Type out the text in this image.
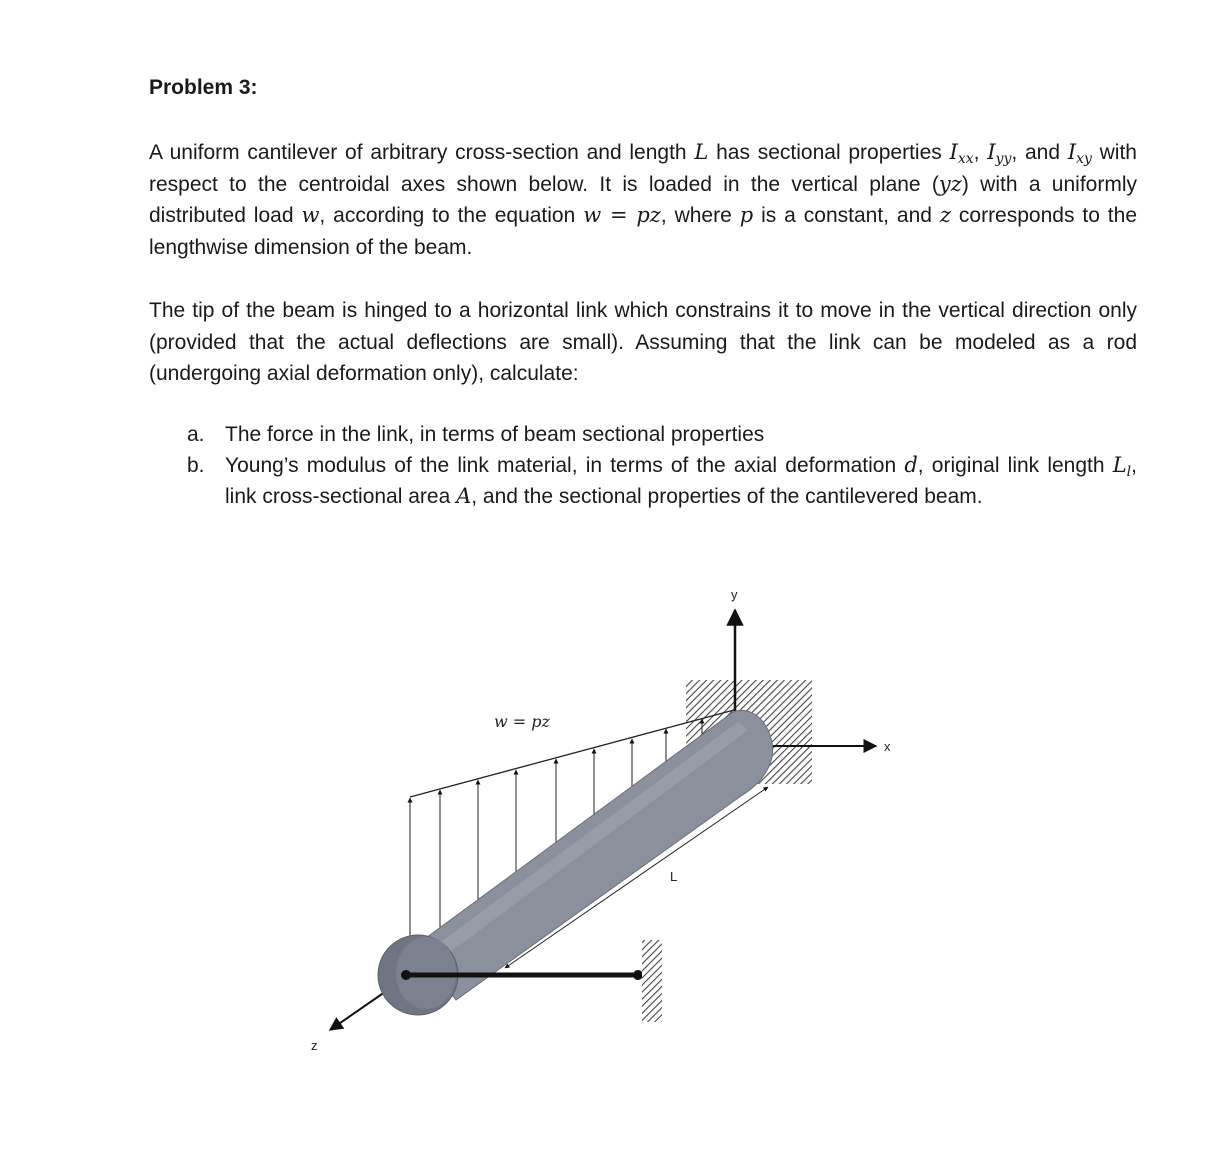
Problem 3:
A uniform cantilever of arbitrary cross-section and length L has sectional properties $I_{xx}$, $I_{yy}$, and $I_{xy}$ with respect to the centroidal axes shown below. It is loaded in the vertical plane (yz) with a uniformly distributed load w, according to the equation w = pz, where p is a constant, and z corresponds to the lengthwise dimension of the beam.
The tip of the beam is hinged to a horizontal link which constrains it to move in the vertical direction only (provided that the actual deflections are small). Assuming that the link can be modeled as a rod (undergoing axial deformation only), calculate:
a. The force in the link, in terms of beam sectional properties
b. Young’s modulus of the link material, in terms of the axial deformation d, original link length $L_l$, link cross-sectional area A, and the sectional properties of the cantilevered beam.
y
x
z
w = pz
L
